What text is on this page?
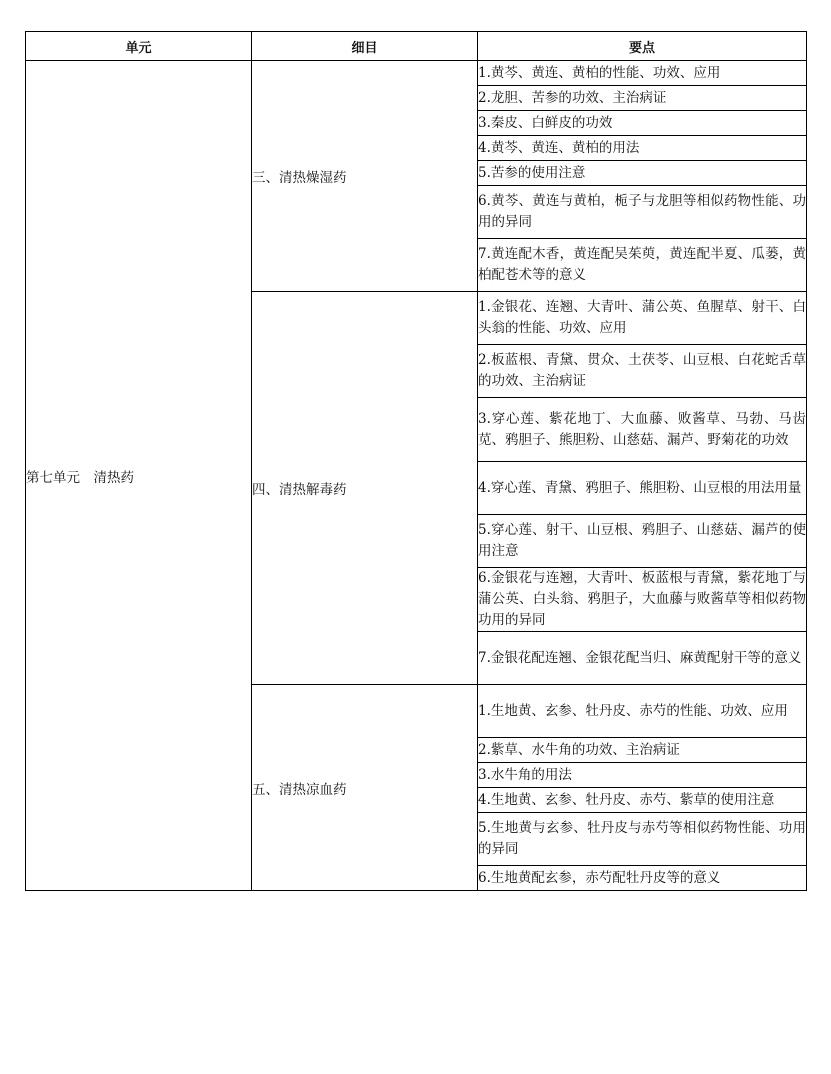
单元	细目	要点
第七单元　清热药	三、清热燥湿药	1.黄芩、黄连、黄柏的性能、功效、应用
		2.龙胆、苦参的功效、主治病证
		3.秦皮、白鲜皮的功效
		4.黄芩、黄连、黄柏的用法
		5.苦参的使用注意
		6.黄芩、黄连与黄柏，栀子与龙胆等相似药物性能、功用的异同
		7.黄连配木香，黄连配吴茱萸，黄连配半夏、瓜蒌，黄柏配苍术等的意义
	四、清热解毒药	1.金银花、连翘、大青叶、蒲公英、鱼腥草、射干、白头翁的性能、功效、应用
		2.板蓝根、青黛、贯众、土茯苓、山豆根、白花蛇舌草的功效、主治病证
		3.穿心莲、紫花地丁、大血藤、败酱草、马勃、马齿苋、鸦胆子、熊胆粉、山慈菇、漏芦、野菊花的功效
		4.穿心莲、青黛、鸦胆子、熊胆粉、山豆根的用法用量
		5.穿心莲、射干、山豆根、鸦胆子、山慈菇、漏芦的使用注意
		6.金银花与连翘，大青叶、板蓝根与青黛，紫花地丁与蒲公英、白头翁、鸦胆子，大血藤与败酱草等相似药物功用的异同
		7.金银花配连翘、金银花配当归、麻黄配射干等的意义
	五、清热凉血药	1.生地黄、玄参、牡丹皮、赤芍的性能、功效、应用
		2.紫草、水牛角的功效、主治病证
		3.水牛角的用法
		4.生地黄、玄参、牡丹皮、赤芍、紫草的使用注意
		5.生地黄与玄参、牡丹皮与赤芍等相似药物性能、功用的异同
		6.生地黄配玄参，赤芍配牡丹皮等的意义
